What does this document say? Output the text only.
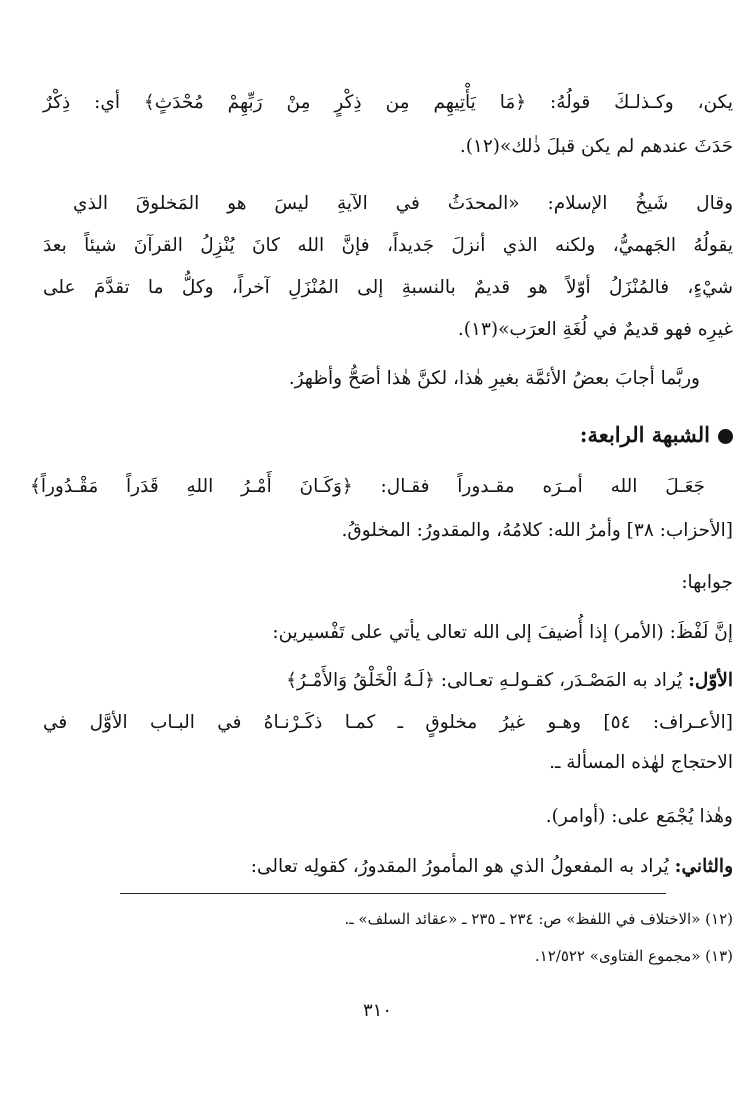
يكن، وكـذلـكَ قولُهُ: ﴿مَا يَأْتِيهِم مِن ذِكْرٍ مِنْ رَبِّهِمْ مُحْدَثٍ﴾ أي: ذِكْرٌ
حَدَثَ عندهم لم يكن قبلَ ذٰلك»(١٢).
وقال شَيخُ الإسلام: «المحدَثُ في الآيةِ ليسَ هو المَخلوقَ الذي
يقولُهُ الجَهميُّ، ولكنه الذي أنزلَ جَديداً، فإنَّ الله كانَ يُنْزِلُ القرآنَ شيئاً بعدَ
شيْءٍ، فالمُنْزَلُ أوّلاً هو قديمٌ بالنسبةِ إلى المُنْزَلِ آخراً، وكلُّ ما تقدَّمَ على
غيرِه فهو قديمٌ في لُغَةِ العرَب»(١٣).
وربَّما أجابَ بعضُ الأئمَّة بغيرِ هٰذا، لكنَّ هٰذا أصَحُّ وأظهرُ.
الشبهة الرابعة:
جَعَـلَ الله أمـرَه مقـدوراً فقـال: ﴿وَكَـانَ أَمْـرُ اللهِ قَدَراً مَقْـدُوراً﴾
[الأحزاب: ٣٨] وأمرُ الله: كلامُهُ، والمقدورُ: المخلوقُ.
جوابها:
إنَّ لَفْظَ: (الأمر) إذا أُضيفَ إلى الله تعالى يأتي على تَفْسيرين:
الأوّل: يُراد به المَصْـدَر، كقـولـهِ تعـالى: ﴿لَـهُ الْخَلْقُ وَالأَمْـرُ﴾
[الأعـراف: ٥٤] وهـو غيرُ مخلوقٍ ـ كمـا ذكَـرْنـاهُ في البـاب الأوَّل في
الاحتجاج لهٰذه المسألة ـ.
وهٰذا يُجْمَع على: (أوامر).
والثاني: يُراد به المفعولُ الذي هو المأمورُ المقدورُ، كقولِه تعالى:
(١٢) «الاختلاف في اللفظ» ص: ٢٣٤ ـ ٢٣٥ ـ «عقائد السلف» ـ.
(١٣) «مجموع الفتاوى» ١٢/٥٢٢.
٣١٠
